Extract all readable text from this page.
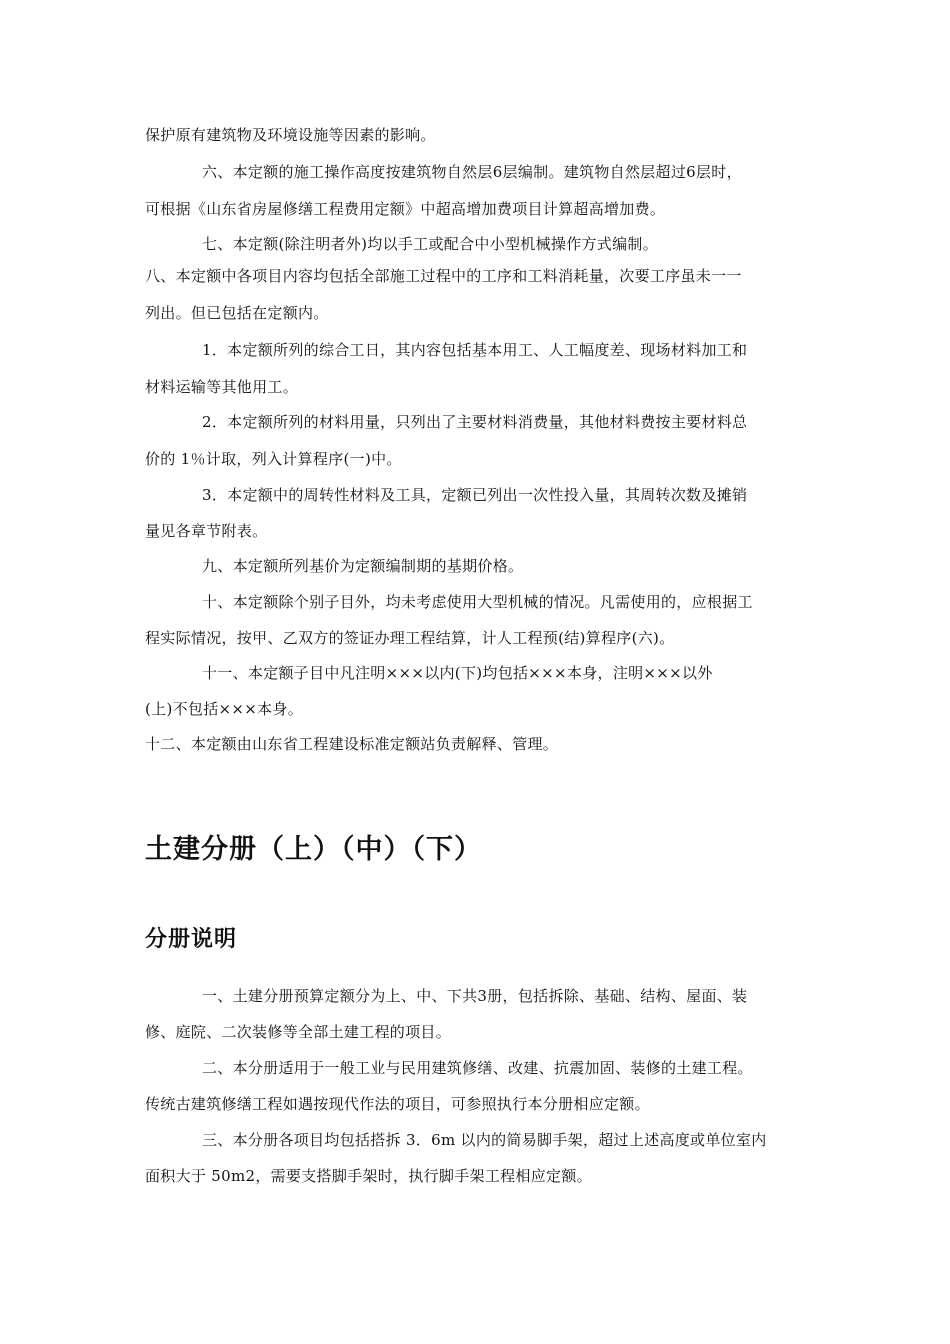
保护原有建筑物及环境设施等因素的影响。
六、本定额的施工操作高度按建筑物自然层6层编制。建筑物自然层超过6层时，
可根据《山东省房屋修缮工程费用定额》中超高增加费项目计算超高增加费。
七、本定额(除注明者外)均以手工或配合中小型机械操作方式编制。
八、本定额中各项目内容均包括全部施工过程中的工序和工料消耗量，次要工序虽未一一
列出。但已包括在定额内。
1．本定额所列的综合工日，其内容包括基本用工、人工幅度差、现场材料加工和
材料运输等其他用工。
2．本定额所列的材料用量，只列出了主要材料消费量，其他材料费按主要材料总
价的 1％计取，列入计算程序(一)中。
3．本定额中的周转性材料及工具，定额已列出一次性投入量，其周转次数及摊销
量见各章节附表。
九、本定额所列基价为定额编制期的基期价格。
十、本定额除个别子目外，均未考虑使用大型机械的情况。凡需使用的，应根据工
程实际情况，按甲、乙双方的签证办理工程结算，计人工程预(结)算程序(六)。
十一、本定额子目中凡注明×××以内(下)均包括×××本身，注明×××以外
(上)不包括×××本身。
十二、本定额由山东省工程建设标准定额站负责解释、管理。
土建分册（上）（中）（下）
分册说明
一、土建分册预算定额分为上、中、下共3册，包括拆除、基础、结构、屋面、装
修、庭院、二次装修等全部土建工程的项目。
二、本分册适用于一般工业与民用建筑修缮、改建、抗震加固、装修的土建工程。
传统古建筑修缮工程如遇按现代作法的项目，可参照执行本分册相应定额。
三、本分册各项目均包括搭拆 3．6m 以内的简易脚手架，超过上述高度或单位室内
面积大于 50m2，需要支搭脚手架时，执行脚手架工程相应定额。
